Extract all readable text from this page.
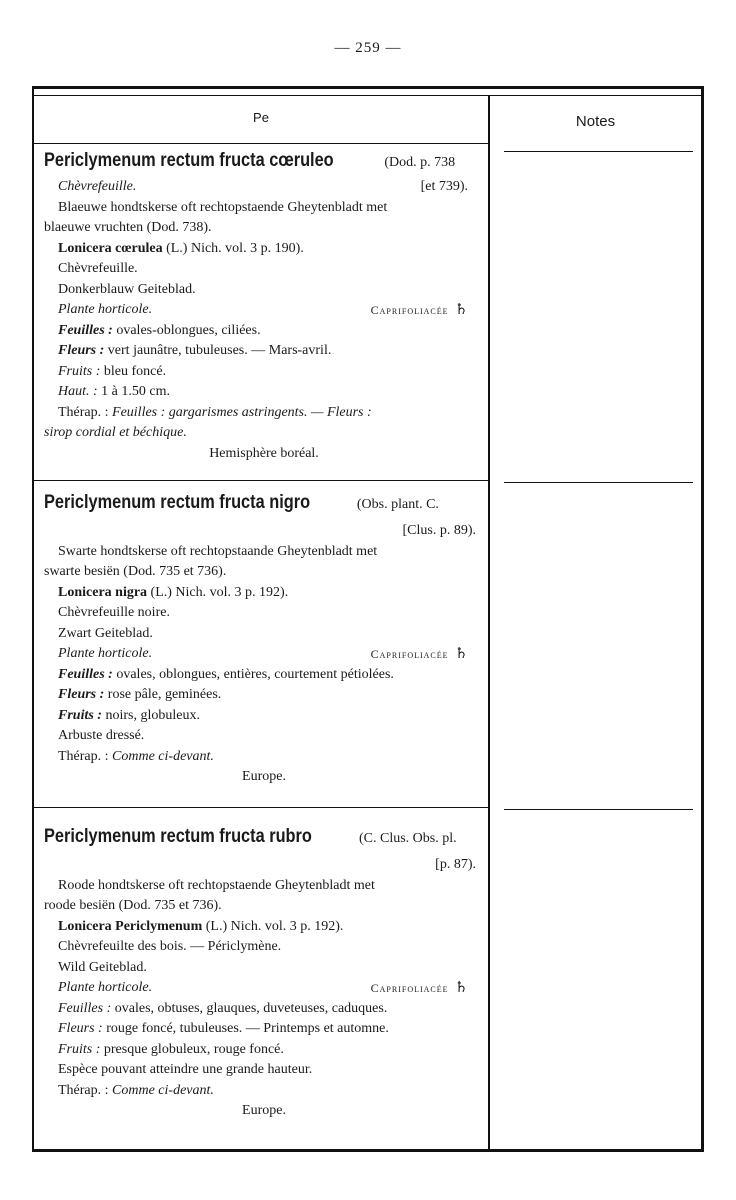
— 259 —
Pe	Notes
Periclymenum rectum fructa cœruleo	(Dod. p. 738
Chèvrefeuille.	[et 739).
Blaeuwe hondtskerse oft rechtopstaende Gheytenbladt met
blaeuwe vruchten (Dod. 738).
Lonicera cœrulea (L.) Nich. vol. 3 p. 190).
Chèvrefeuille.
Donkerblauw Geiteblad.
Plante horticole.	Caprifoliacée ♄
Feuilles : ovales-oblongues, ciliées.
Fleurs : vert jaunâtre, tubuleuses. — Mars-avril.
Fruits : bleu foncé.
Haut. : 1 à 1.50 cm.
Thérap. : Feuilles : gargarismes astringents. — Fleurs :
sirop cordial et béchique.
Hemisphère boréal.
Periclymenum rectum fructa nigro	(Obs. plant. C.
[Clus. p. 89).
Swarte hondtskerse oft rechtopstaande Gheytenbladt met
swarte besiën (Dod. 735 et 736).
Lonicera nigra (L.) Nich. vol. 3 p. 192).
Chèvrefeuille noire.
Zwart Geiteblad.
Plante horticole.	Caprifoliacée ♄
Feuilles : ovales, oblongues, entières, courtement pétiolées.
Fleurs : rose pâle, geminées.
Fruits : noirs, globuleux.
Arbuste dressé.
Thérap. : Comme ci-devant.
Europe.
Periclymenum rectum fructa rubro	(C. Clus. Obs. pl.
[p. 87).
Roode hondtskerse oft rechtopstaende Gheytenbladt met
roode besiën (Dod. 735 et 736).
Lonicera Periclymenum (L.) Nich. vol. 3 p. 192).
Chèvrefeuilte des bois. — Périclymène.
Wild Geiteblad.
Plante horticole.	Caprifoliacée ♄
Feuilles : ovales, obtuses, glauques, duveteuses, caduques.
Fleurs : rouge foncé, tubuleuses. — Printemps et automne.
Fruits : presque globuleux, rouge foncé.
Espèce pouvant atteindre une grande hauteur.
Thérap. : Comme ci-devant.
Europe.
